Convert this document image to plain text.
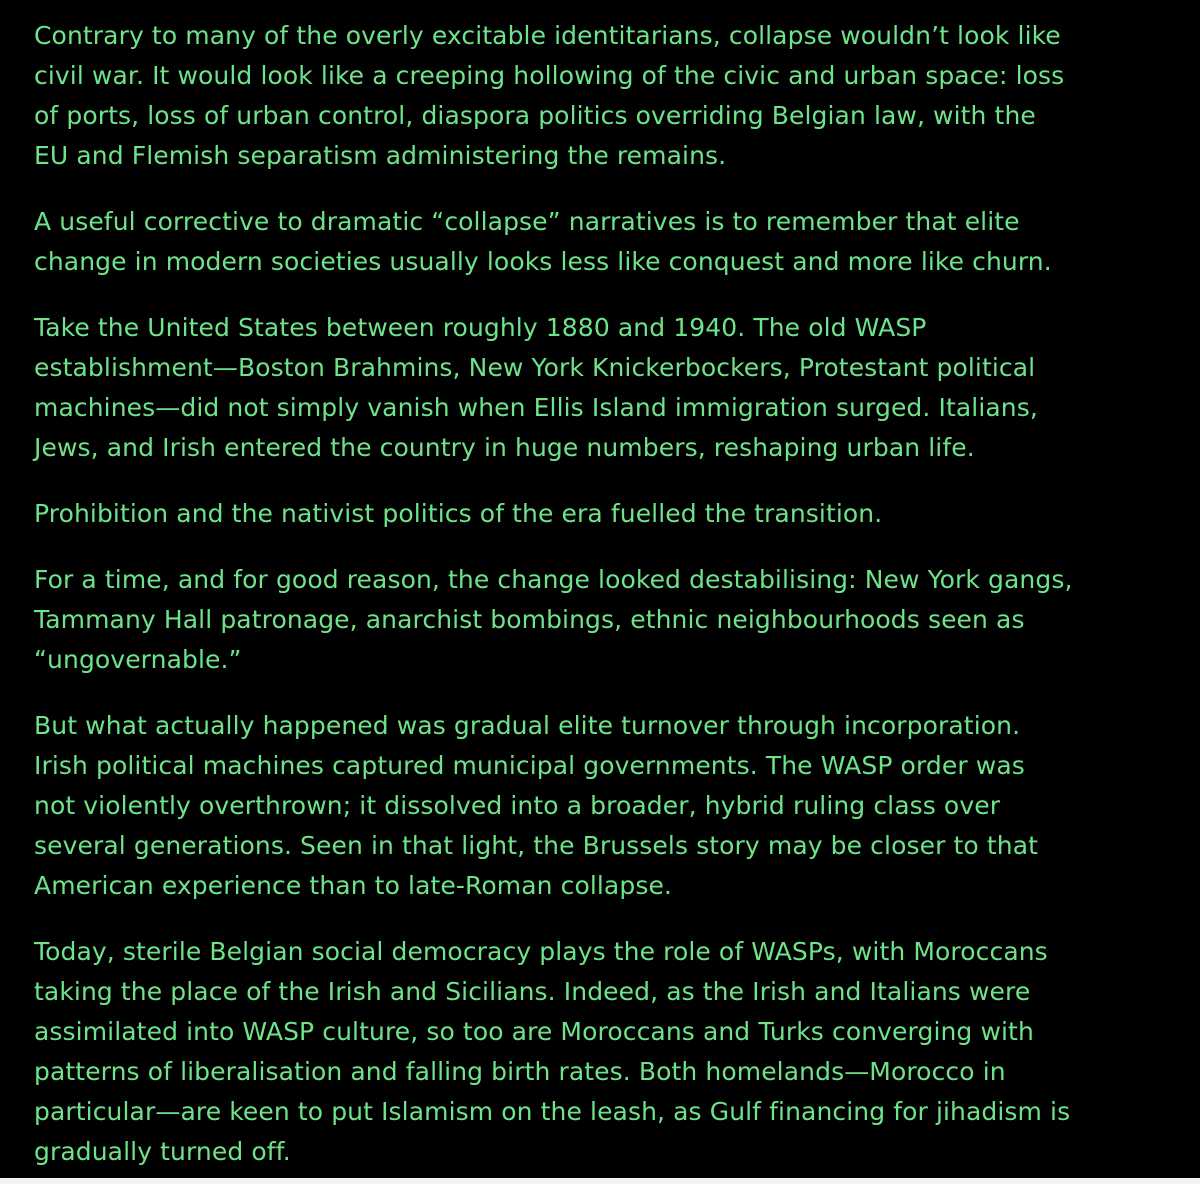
Contrary to many of the overly excitable identitarians, collapse wouldn’t look like
civil war. It would look like a creeping hollowing of the civic and urban space: loss
of ports, loss of urban control, diaspora politics overriding Belgian law, with the
EU and Flemish separatism administering the remains.

A useful corrective to dramatic “collapse” narratives is to remember that elite
change in modern societies usually looks less like conquest and more like churn.

Take the United States between roughly 1880 and 1940. The old WASP
establishment—Boston Brahmins, New York Knickerbockers, Protestant political
machines—did not simply vanish when Ellis Island immigration surged. Italians,
Jews, and Irish entered the country in huge numbers, reshaping urban life.

Prohibition and the nativist politics of the era fuelled the transition.

For a time, and for good reason, the change looked destabilising: New York gangs,
Tammany Hall patronage, anarchist bombings, ethnic neighbourhoods seen as
“ungovernable.”

But what actually happened was gradual elite turnover through incorporation.
Irish political machines captured municipal governments. The WASP order was
not violently overthrown; it dissolved into a broader, hybrid ruling class over
several generations. Seen in that light, the Brussels story may be closer to that
American experience than to late-Roman collapse.

Today, sterile Belgian social democracy plays the role of WASPs, with Moroccans
taking the place of the Irish and Sicilians. Indeed, as the Irish and Italians were
assimilated into WASP culture, so too are Moroccans and Turks converging with
patterns of liberalisation and falling birth rates. Both homelands—Morocco in
particular—are keen to put Islamism on the leash, as Gulf financing for jihadism is
gradually turned off.
